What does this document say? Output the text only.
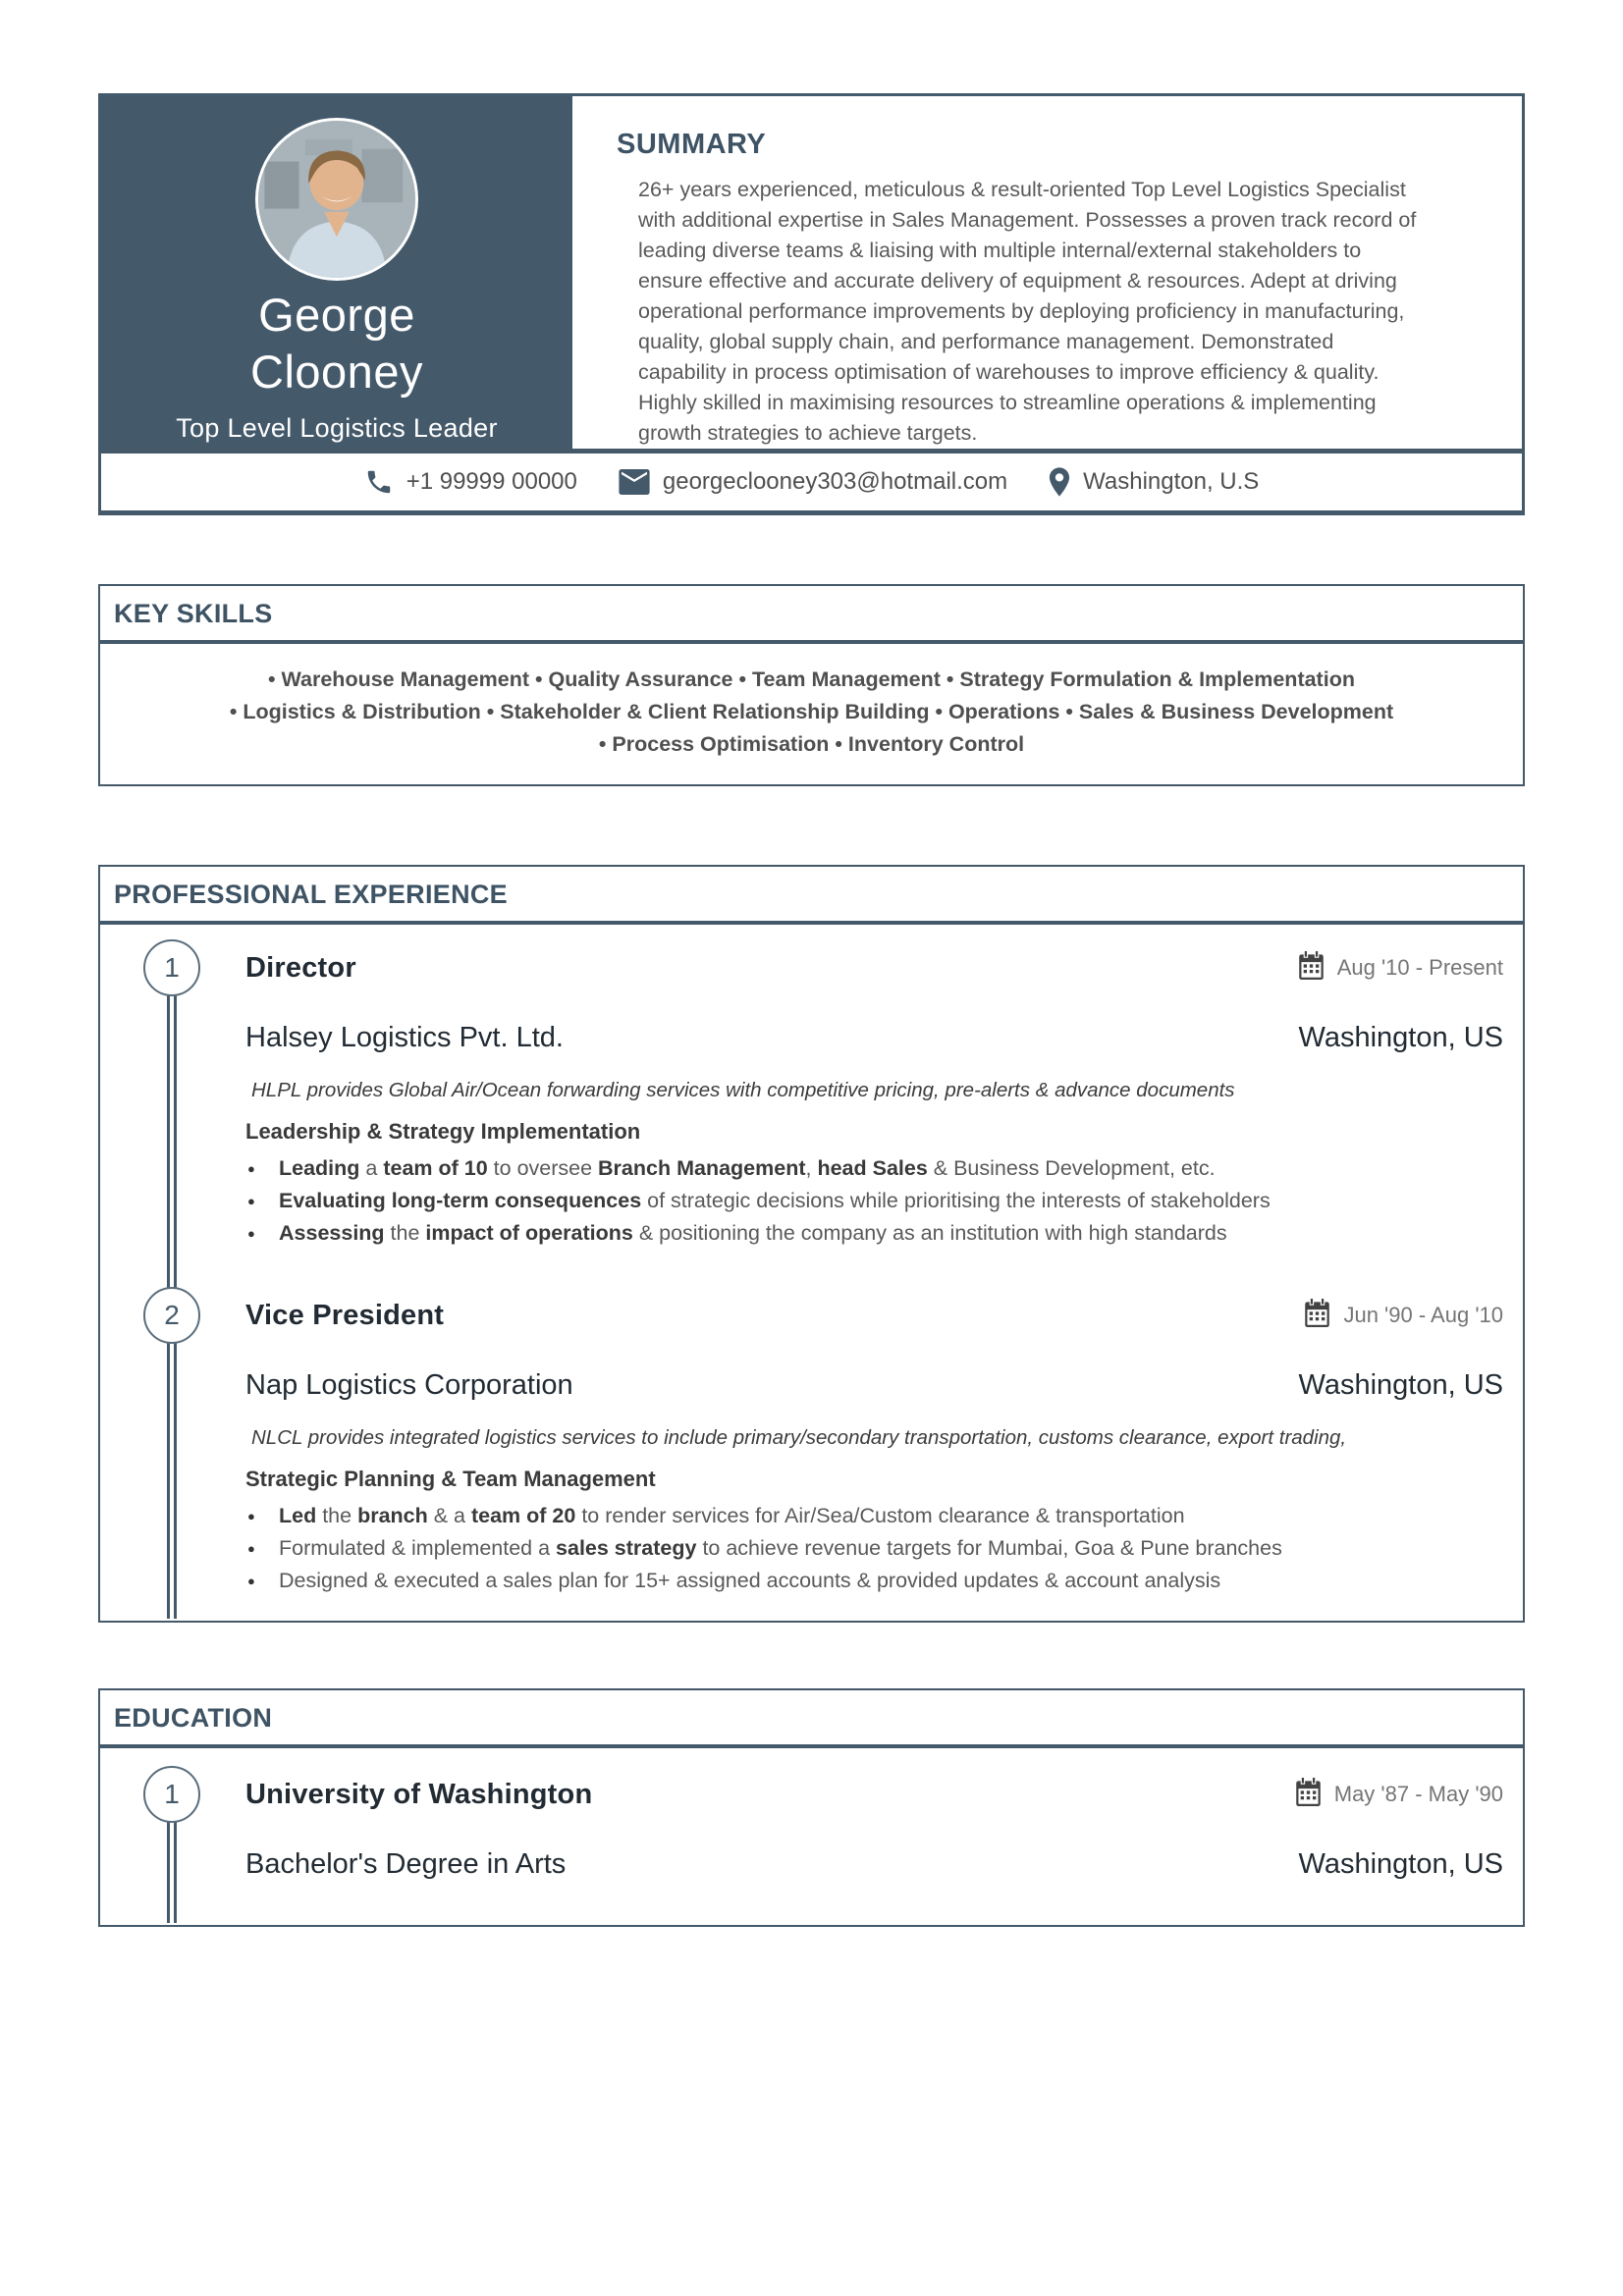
George
Clooney
Top Level Logistics Leader
SUMMARY
26+ years experienced, meticulous & result-oriented Top Level Logistics Specialist with additional expertise in Sales Management. Possesses a proven track record of leading diverse teams & liaising with multiple internal/external stakeholders to ensure effective and accurate delivery of equipment & resources. Adept at driving operational performance improvements by deploying proficiency in manufacturing, quality, global supply chain, and performance management. Demonstrated capability in process optimisation of warehouses to improve efficiency & quality. Highly skilled in maximising resources to streamline operations & implementing growth strategies to achieve targets.
+1 99999 00000	georgeclooney303@hotmail.com	Washington, U.S
KEY SKILLS
• Warehouse Management • Quality Assurance • Team Management • Strategy Formulation & Implementation
• Logistics & Distribution • Stakeholder & Client Relationship Building • Operations • Sales & Business Development
• Process Optimisation • Inventory Control
PROFESSIONAL EXPERIENCE
1	Director	Aug '10 - Present
Halsey Logistics Pvt. Ltd.	Washington, US
HLPL provides Global Air/Ocean forwarding services with competitive pricing, pre-alerts & advance documents
Leadership & Strategy Implementation
● Leading a team of 10 to oversee Branch Management, head Sales & Business Development, etc.
● Evaluating long-term consequences of strategic decisions while prioritising the interests of stakeholders
● Assessing the impact of operations & positioning the company as an institution with high standards
2	Vice President	Jun '90 - Aug '10
Nap Logistics Corporation	Washington, US
NLCL provides integrated logistics services to include primary/secondary transportation, customs clearance, export trading,
Strategic Planning & Team Management
● Led the branch & a team of 20 to render services for Air/Sea/Custom clearance & transportation
● Formulated & implemented a sales strategy to achieve revenue targets for Mumbai, Goa & Pune branches
● Designed & executed a sales plan for 15+ assigned accounts & provided updates & account analysis
EDUCATION
1	University of Washington	May '87 - May '90
Bachelor's Degree in Arts	Washington, US
